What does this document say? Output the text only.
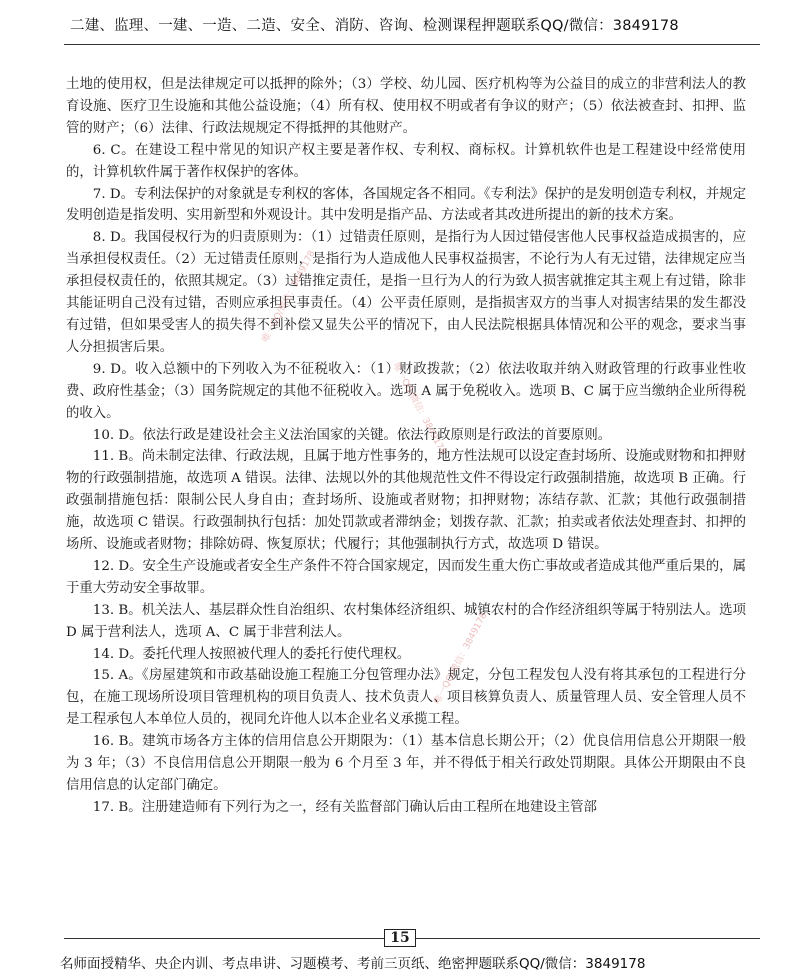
二建、监理、一建、一造、二造、安全、消防、咨询、检测课程押题联系QQ/微信：3849178

土地的使用权，但是法律规定可以抵押的除外；（3）学校、幼儿园、医疗机构等为公益目的成立的非营利法人的教育设施、医疗卫生设施和其他公益设施；（4）所有权、使用权不明或者有争议的财产；（5）依法被查封、扣押、监管的财产；（6）法律、行政法规规定不得抵押的其他财产。

6. C。在建设工程中常见的知识产权主要是著作权、专利权、商标权。计算机软件也是工程建设中经常使用的，计算机软件属于著作权保护的客体。

7. D。专利法保护的对象就是专利权的客体，各国规定各不相同。《专利法》保护的是发明创造专利权，并规定发明创造是指发明、实用新型和外观设计。其中发明是指产品、方法或者其改进所提出的新的技术方案。

8. D。我国侵权行为的归责原则为：（1）过错责任原则，是指行为人因过错侵害他人民事权益造成损害的，应当承担侵权责任。（2）无过错责任原则，是指行为人造成他人民事权益损害，不论行为人有无过错，法律规定应当承担侵权责任的，依照其规定。（3）过错推定责任，是指一旦行为人的行为致人损害就推定其主观上有过错，除非其能证明自己没有过错，否则应承担民事责任。（4）公平责任原则，是指损害双方的当事人对损害结果的发生都没有过错，但如果受害人的损失得不到补偿又显失公平的情况下，由人民法院根据具体情况和公平的观念，要求当事人分担损害后果。

9. D。收入总额中的下列收入为不征税收入：（1）财政拨款；（2）依法收取并纳入财政管理的行政事业性收费、政府性基金；（3）国务院规定的其他不征税收入。选项 A 属于免税收入。选项 B、C 属于应当缴纳企业所得税的收入。

10. D。依法行政是建设社会主义法治国家的关键。依法行政原则是行政法的首要原则。

11. B。尚未制定法律、行政法规，且属于地方性事务的，地方性法规可以设定查封场所、设施或财物和扣押财物的行政强制措施，故选项 A 错误。法律、法规以外的其他规范性文件不得设定行政强制措施，故选项 B 正确。行政强制措施包括：限制公民人身自由；查封场所、设施或者财物；扣押财物；冻结存款、汇款；其他行政强制措施，故选项 C 错误。行政强制执行包括：加处罚款或者滞纳金；划拨存款、汇款；拍卖或者依法处理查封、扣押的场所、设施或者财物；排除妨碍、恢复原状；代履行；其他强制执行方式，故选项 D 错误。

12. D。安全生产设施或者安全生产条件不符合国家规定，因而发生重大伤亡事故或者造成其他严重后果的，属于重大劳动安全事故罪。

13. B。机关法人、基层群众性自治组织、农村集体经济组织、城镇农村的合作经济组织等属于特别法人。选项 D 属于营利法人，选项 A、C 属于非营利法人。

14. D。委托代理人按照被代理人的委托行使代理权。

15. A。《房屋建筑和市政基础设施工程施工分包管理办法》规定，分包工程发包人没有将其承包的工程进行分包，在施工现场所设项目管理机构的项目负责人、技术负责人、项目核算负责人、质量管理人员、安全管理人员不是工程承包人本单位人员的，视同允许他人以本企业名义承揽工程。

16. B。建筑市场各方主体的信用信息公开期限为：（1）基本信息长期公开；（2）优良信用信息公开期限一般为 3 年；（3）不良信用信息公开期限一般为 6 个月至 3 年，并不得低于相关行政处罚期限。具体公开期限由不良信用信息的认定部门确定。

17. B。注册建造师有下列行为之一，经有关监督部门确认后由工程所在地建设主管部

唯一QQ/微信：3849178
唯一QQ/微信：3849178
唯一QQ/微信：3849178
15
名师面授精华、央企内训、考点串讲、习题模考、考前三页纸、绝密押题联系QQ/微信：3849178
